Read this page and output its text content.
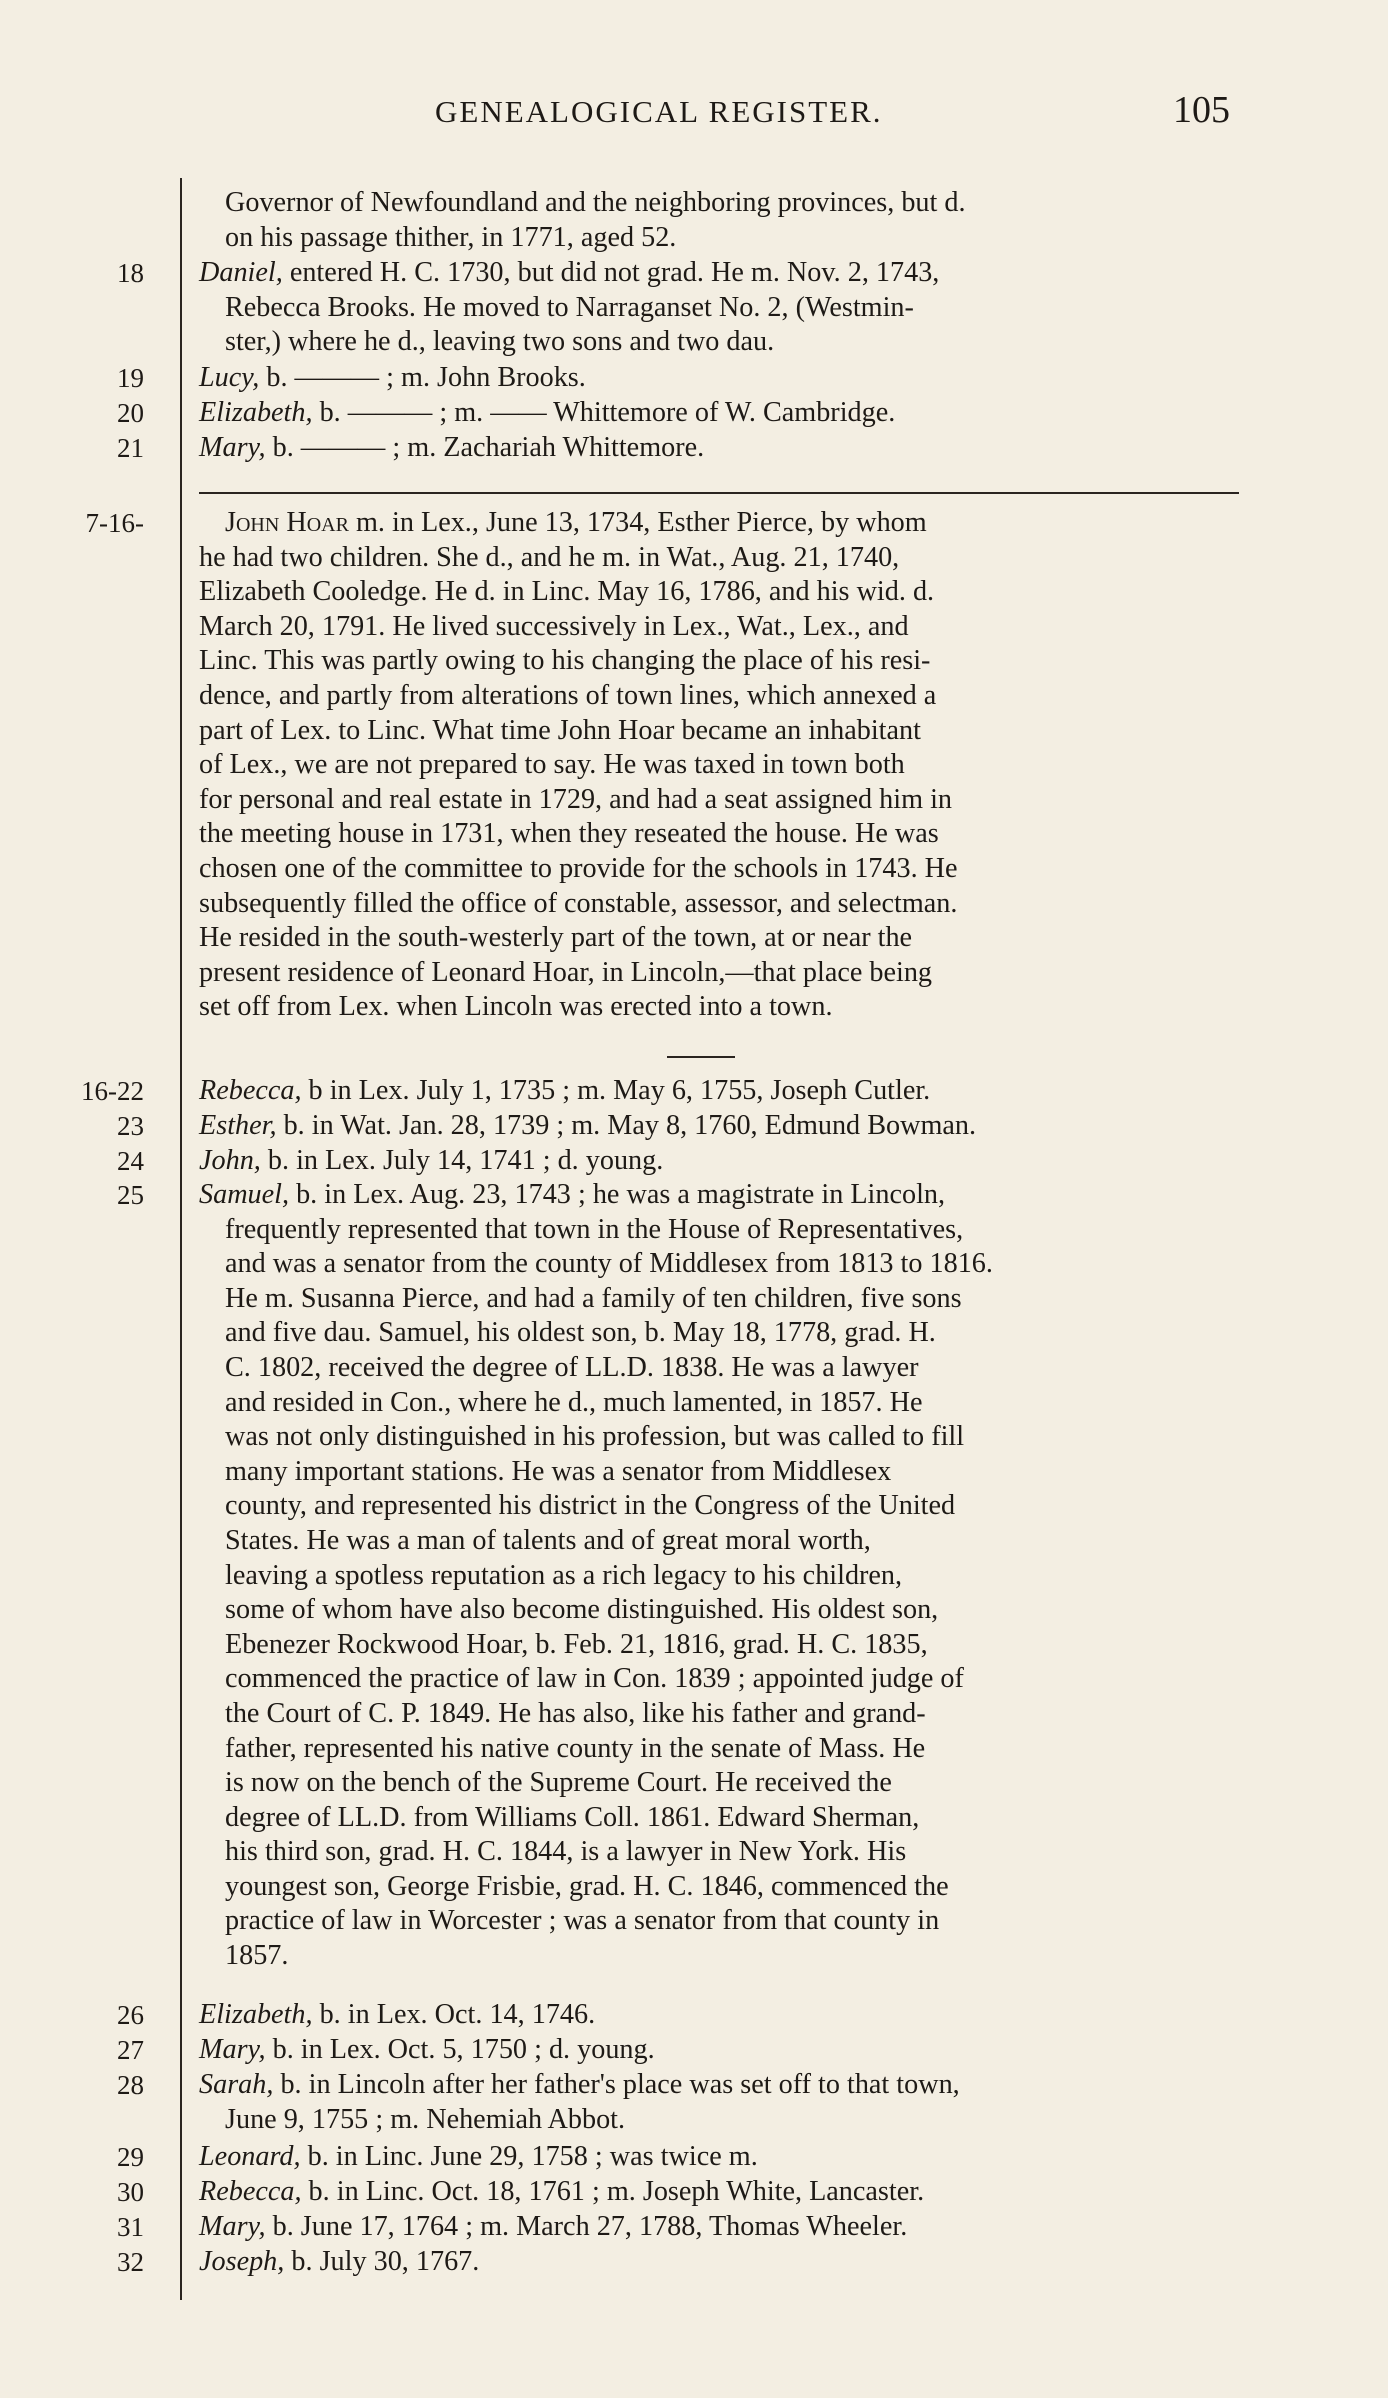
GENEALOGICAL REGISTER.	105
Governor of Newfoundland and the neighboring provinces, but d.
on his passage thither, in 1771, aged 52.
18 Daniel, entered H. C. 1730, but did not grad. He m. Nov. 2, 1743,
Rebecca Brooks. He moved to Narraganset No. 2, (Westmin-
ster,) where he d., leaving two sons and two dau.
19 Lucy, b. ——— ; m. John Brooks.
20 Elizabeth, b. ——— ; m. —— Whittemore of W. Cambridge.
21 Mary, b. ——— ; m. Zachariah Whittemore.
7-16-	John Hoar m. in Lex., June 13, 1734, Esther Pierce, by whom
he had two children. She d., and he m. in Wat., Aug. 21, 1740,
Elizabeth Cooledge. He d. in Linc. May 16, 1786, and his wid. d.
March 20, 1791. He lived successively in Lex., Wat., Lex., and
Linc. This was partly owing to his changing the place of his resi-
dence, and partly from alterations of town lines, which annexed a
part of Lex. to Linc. What time John Hoar became an inhabitant
of Lex., we are not prepared to say. He was taxed in town both
for personal and real estate in 1729, and had a seat assigned him in
the meeting house in 1731, when they reseated the house. He was
chosen one of the committee to provide for the schools in 1743. He
subsequently filled the office of constable, assessor, and selectman.
He resided in the south-westerly part of the town, at or near the
present residence of Leonard Hoar, in Lincoln,—that place being
set off from Lex. when Lincoln was erected into a town.
16-22 Rebecca, b in Lex. July 1, 1735 ; m. May 6, 1755, Joseph Cutler.
23 Esther, b. in Wat. Jan. 28, 1739 ; m. May 8, 1760, Edmund Bowman.
24 John, b. in Lex. July 14, 1741 ; d. young.
25 Samuel, b. in Lex. Aug. 23, 1743 ; he was a magistrate in Lincoln,
frequently represented that town in the House of Representatives,
and was a senator from the county of Middlesex from 1813 to 1816.
He m. Susanna Pierce, and had a family of ten children, five sons
and five dau. Samuel, his oldest son, b. May 18, 1778, grad. H.
C. 1802, received the degree of LL.D. 1838. He was a lawyer
and resided in Con., where he d., much lamented, in 1857. He
was not only distinguished in his profession, but was called to fill
many important stations. He was a senator from Middlesex
county, and represented his district in the Congress of the United
States. He was a man of talents and of great moral worth,
leaving a spotless reputation as a rich legacy to his children,
some of whom have also become distinguished. His oldest son,
Ebenezer Rockwood Hoar, b. Feb. 21, 1816, grad. H. C. 1835,
commenced the practice of law in Con. 1839 ; appointed judge of
the Court of C. P. 1849. He has also, like his father and grand-
father, represented his native county in the senate of Mass. He
is now on the bench of the Supreme Court. He received the
degree of LL.D. from Williams Coll. 1861. Edward Sherman,
his third son, grad. H. C. 1844, is a lawyer in New York. His
youngest son, George Frisbie, grad. H. C. 1846, commenced the
practice of law in Worcester ; was a senator from that county in
1857.
26 Elizabeth, b. in Lex. Oct. 14, 1746.
27 Mary, b. in Lex. Oct. 5, 1750 ; d. young.
28 Sarah, b. in Lincoln after her father's place was set off to that town,
June 9, 1755 ; m. Nehemiah Abbot.
29 Leonard, b. in Linc. June 29, 1758 ; was twice m.
30 Rebecca, b. in Linc. Oct. 18, 1761 ; m. Joseph White, Lancaster.
31 Mary, b. June 17, 1764 ; m. March 27, 1788, Thomas Wheeler.
32 Joseph, b. July 30, 1767.
